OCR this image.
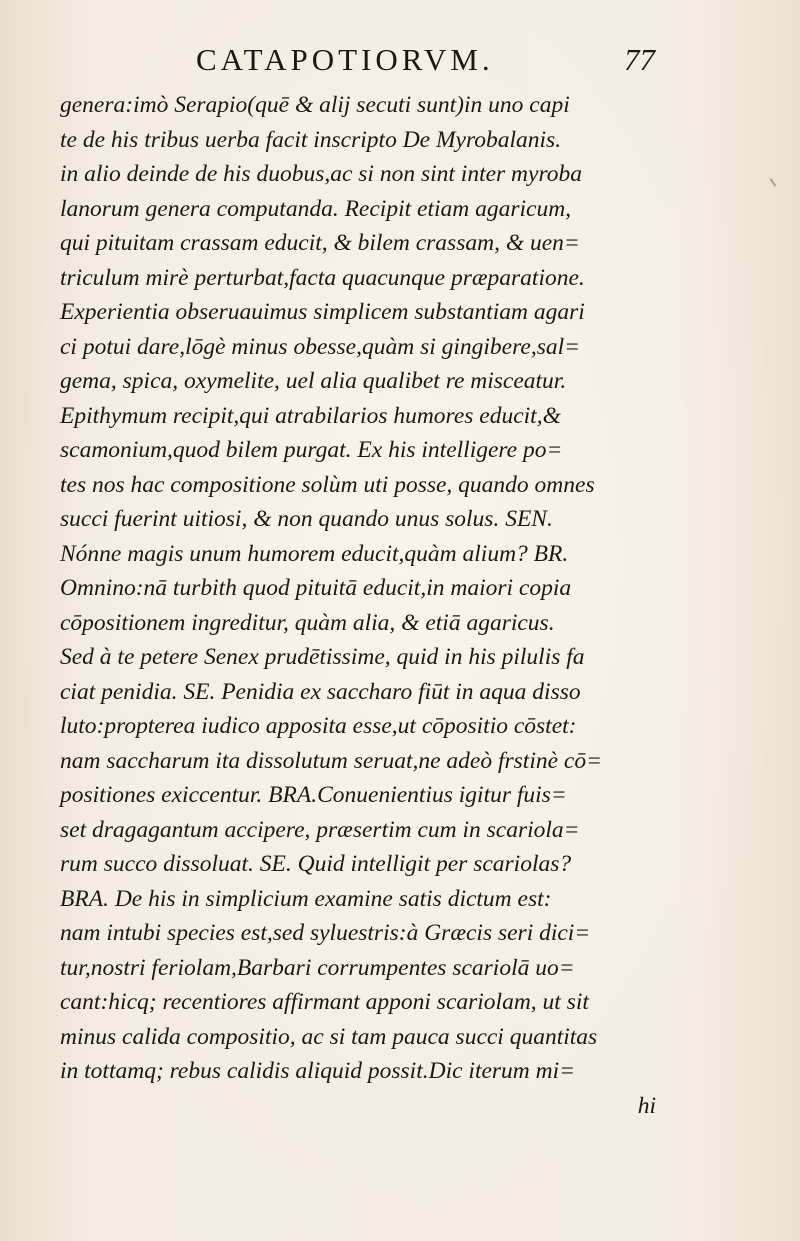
CATAPOTIORVM.	77
genera:imò Serapio(quē & alij secuti sunt)in uno capi
te de his tribus uerba facit inscripto De Myrobalanis.
in alio deinde de his duobus,ac si non sint inter myroba
lanorum genera computanda. Recipit etiam agaricum,
qui pituitam crassam educit, & bilem crassam, & uen=
triculum mirè perturbat,facta quacunque præparatione.
Experientia obseruauimus simplicem substantiam agari
ci potui dare,lōgè minus obesse,quàm si gingibere,sal=
gema, spica, oxymelite, uel alia qualibet re misceatur.
Epithymum recipit,qui atrabilarios humores educit,&
scamonium,quod bilem purgat. Ex his intelligere po=
tes nos hac compositione solùm uti posse, quando omnes
succi fuerint uitiosi, & non quando unus solus. SEN.
Nónne magis unum humorem educit,quàm alium? BR.
Omnino:nā turbith quod pituitā educit,in maiori copia
cōpositionem ingreditur, quàm alia, & etiā agaricus.
Sed à te petere Senex prudētissime, quid in his pilulis fa
ciat penidia. SE. Penidia ex saccharo fiūt in aqua disso
luto:propterea iudico apposita esse,ut cōpositio cōstet:
nam saccharum ita dissolutum seruat,ne adeò frstinè cō=
positiones exiccentur. BRA.Conuenientius igitur fuis=
set dragagantum accipere, præsertim cum in scariola=
rum succo dissoluat. SE. Quid intelligit per scariolas?
BRA. De his in simplicium examine satis dictum est:
nam intubi species est,sed syluestris:à Græcis seri dici=
tur,nostri feriolam,Barbari corrumpentes scariolā uo=
cant:hicq; recentiores affirmant apponi scariolam, ut sit
minus calida compositio, ac si tam pauca succi quantitas
in tottamq; rebus calidis aliquid possit.Dic iterum mi=
hi
